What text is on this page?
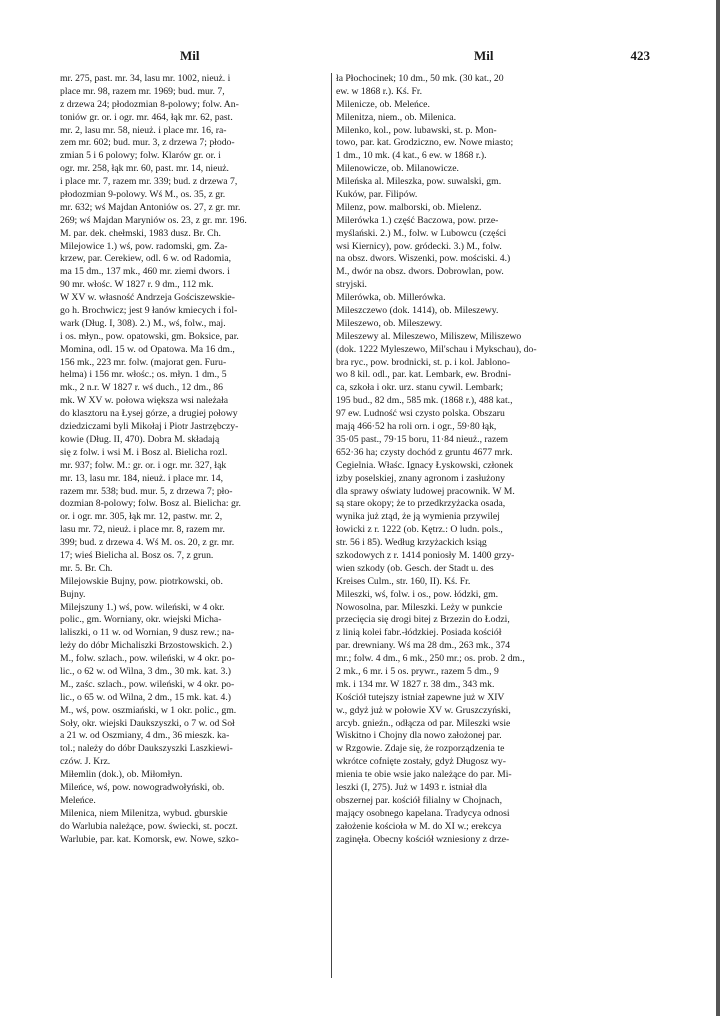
Mil	Mil	423
mr. 275, past. mr. 34, lasu mr. 1002, nieuż. i
place mr. 98, razem mr. 1969; bud. mur. 7,
z drzewa 24; płodozmian 8-polowy; folw. An-
toniów gr. or. i ogr. mr. 464, łąk mr. 62, past.
mr. 2, lasu mr. 58, nieuż. i place mr. 16, ra-
zem mr. 602; bud. mur. 3, z drzewa 7; płodo-
zmian 5 i 6 polowy; folw. Klarów gr. or. i
ogr. mr. 258, łąk mr. 60, past. mr. 14, nieuż.
i place mr. 7, razem mr. 339; bud. z drzewa 7,
płodozmian 9-polowy. Wś M., os. 35, z gr.
mr. 632; wś Majdan Antoniów os. 27, z gr. mr.
269; wś Majdan Maryniów os. 23, z gr. mr. 196.
M. par. dek. chełmski, 1983 dusz. Br. Ch.
Milejowice 1.) wś, pow. radomski, gm. Za-
krzew, par. Cerekiew, odl. 6 w. od Radomia,
ma 15 dm., 137 mk., 460 mr. ziemi dwors. i
90 mr. włośc. W 1827 r. 9 dm., 112 mk.
W XV w. własność Andrzeja Gościszewskie-
go h. Brochwicz; jest 9 łanów kmiecych i fol-
wark (Dług. I, 308). 2.) M., wś, folw., maj.
i os. młyn., pow. opatowski, gm. Boksice, par.
Momina, odl. 15 w. od Opatowa. Ma 16 dm.,
156 mk., 223 mr. folw. (majorat gen. Furu-
helma) i 156 mr. włośc.; os. młyn. 1 dm., 5
mk., 2 n.r. W 1827 r. wś duch., 12 dm., 86
mk. W XV w. połowa większa wsi należała
do klasztoru na Łysej górze, a drugiej połowy
dziedziczami byli Mikołaj i Piotr Jastrzębczy-
kowie (Dług. II, 470). Dobra M. składają
się z folw. i wsi M. i Bosz al. Bielicha rozl.
mr. 937; folw. M.: gr. or. i ogr. mr. 327, łąk
mr. 13, lasu mr. 184, nieuż. i place mr. 14,
razem mr. 538; bud. mur. 5, z drzewa 7; pło-
dozmian 8-polowy; folw. Bosz al. Bielicha: gr.
or. i ogr. mr. 305, łąk mr. 12, pastw. mr. 2,
lasu mr. 72, nieuż. i place mr. 8, razem mr.
399; bud. z drzewa 4. Wś M. os. 20, z gr. mr.
17; wieś Bielicha al. Bosz os. 7, z grun.
mr. 5. Br. Ch.
Milejowskie Bujny, pow. piotrkowski, ob.
Bujny.
Milejszuny 1.) wś, pow. wileński, w 4 okr.
polic., gm. Worniany, okr. wiejski Micha-
laliszki, o 11 w. od Wornian, 9 dusz rew.; na-
leży do dóbr Michaliszki Brzostowskich. 2.)
M., folw. szlach., pow. wileński, w 4 okr. po-
lic., o 62 w. od Wilna, 3 dm., 30 mk. kat. 3.)
M., zaśc. szlach., pow. wileński, w 4 okr. po-
lic., o 65 w. od Wilna, 2 dm., 15 mk. kat. 4.)
M., wś, pow. oszmiański, w 1 okr. polic., gm.
Soły, okr. wiejski Daukszyszki, o 7 w. od Soł
a 21 w. od Oszmiany, 4 dm., 36 mieszk. ka-
tol.; należy do dóbr Daukszyszki Laszkiewi-
czów. J. Krz.
Miłemlin (dok.), ob. Miłomłyn.
Mileńce, wś, pow. nowogradwołyński, ob.
Meleńce.
Milenica, niem Milenitza, wybud. gburskie
do Warlubia należące, pow. świecki, st. poczt.
Warlubie, par. kat. Komorsk, ew. Nowe, szko-
ła Płochocinek; 10 dm., 50 mk. (30 kat., 20
ew. w 1868 r.). Kś. Fr.
Milenicze, ob. Meleńce.
Milenitza, niem., ob. Milenica.
Milenko, kol., pow. lubawski, st. p. Mon-
towo, par. kat. Grodziczno, ew. Nowe miasto;
1 dm., 10 mk. (4 kat., 6 ew. w 1868 r.).
Milenowicze, ob. Milanowicze.
Mileńska al. Mileszka, pow. suwalski, gm.
Kuków, par. Filipów.
Milenz, pow. malborski, ob. Mielenz.
Milerówka 1.) część Baczowa, pow. prze-
myślański. 2.) M., folw. w Lubowcu (części
wsi Kiernicy), pow. gródecki. 3.) M., folw.
na obsz. dwors. Wiszenki, pow. mościski. 4.)
M., dwór na obsz. dwors. Dobrowlan, pow.
stryjski.
Milerówka, ob. Millerówka.
Mileszczewo (dok. 1414), ob. Mileszewy.
Mileszewo, ob. Mileszewy.
Mileszewy al. Mileszewo, Miliszew, Miliszewo
(dok. 1222 Myleszewo, Mil'schau i Mykschau), do-
bra ryc., pow. brodnicki, st. p. i kol. Jablono-
wo 8 kil. odl., par. kat. Lembark, ew. Brodni-
ca, szkoła i okr. urz. stanu cywil. Lembark;
195 bud., 82 dm., 585 mk. (1868 r.), 488 kat.,
97 ew. Ludność wsi czysto polska. Obszaru
mają 466·52 ha roli orn. i ogr., 59·80 łąk,
35·05 past., 79·15 boru, 11·84 nieuż., razem
652·36 ha; czysty dochód z gruntu 4677 mrk.
Cegielnia. Właśc. Ignacy Łyskowski, członek
izby poselskiej, znany agronom i zasłużony
dla sprawy oświaty ludowej pracownik. W M.
są stare okopy; że to przedkrzyżacka osada,
wynika już ztąd, że ją wymienia przywilej
łowicki z r. 1222 (ob. Kętrz.: O ludn. pols.,
str. 56 i 85). Według krzyżackich ksiąg
szkodowych z r. 1414 poniosły M. 1400 grzy-
wien szkody (ob. Gesch. der Stadt u. des
Kreises Culm., str. 160, II). Kś. Fr.
Mileszki, wś, folw. i os., pow. łódzki, gm.
Nowosolna, par. Mileszki. Leży w punkcie
przecięcia się drogi bitej z Brzezin do Łodzi,
z linią kolei fabr.-łódzkiej. Posiada kościół
par. drewniany. Wś ma 28 dm., 263 mk., 374
mr.; folw. 4 dm., 6 mk., 250 mr.; os. prob. 2 dm.,
2 mk., 6 mr. i 5 os. prywr., razem 5 dm., 9
mk. i 134 mr. W 1827 r. 38 dm., 343 mk.
Kościół tutejszy istniał zapewne już w XIV
w., gdyż już w połowie XV w. Gruszczyński,
arcyb. gnieźn., odłącza od par. Mileszki wsie
Wiskitno i Chojny dla nowo założonej par.
w Rzgowie. Zdaje się, że rozporządzenia te
wkrótce cofnięte zostały, gdyż Długosz wy-
mienia te obie wsie jako należące do par. Mi-
leszki (I, 275). Już w 1493 r. istniał dla
obszernej par. kościół filialny w Chojnach,
mający osobnego kapelana. Tradycya odnosi
założenie kościoła w M. do XI w.; erekcya
zaginęła. Obecny kościół wzniesiony z drze-
